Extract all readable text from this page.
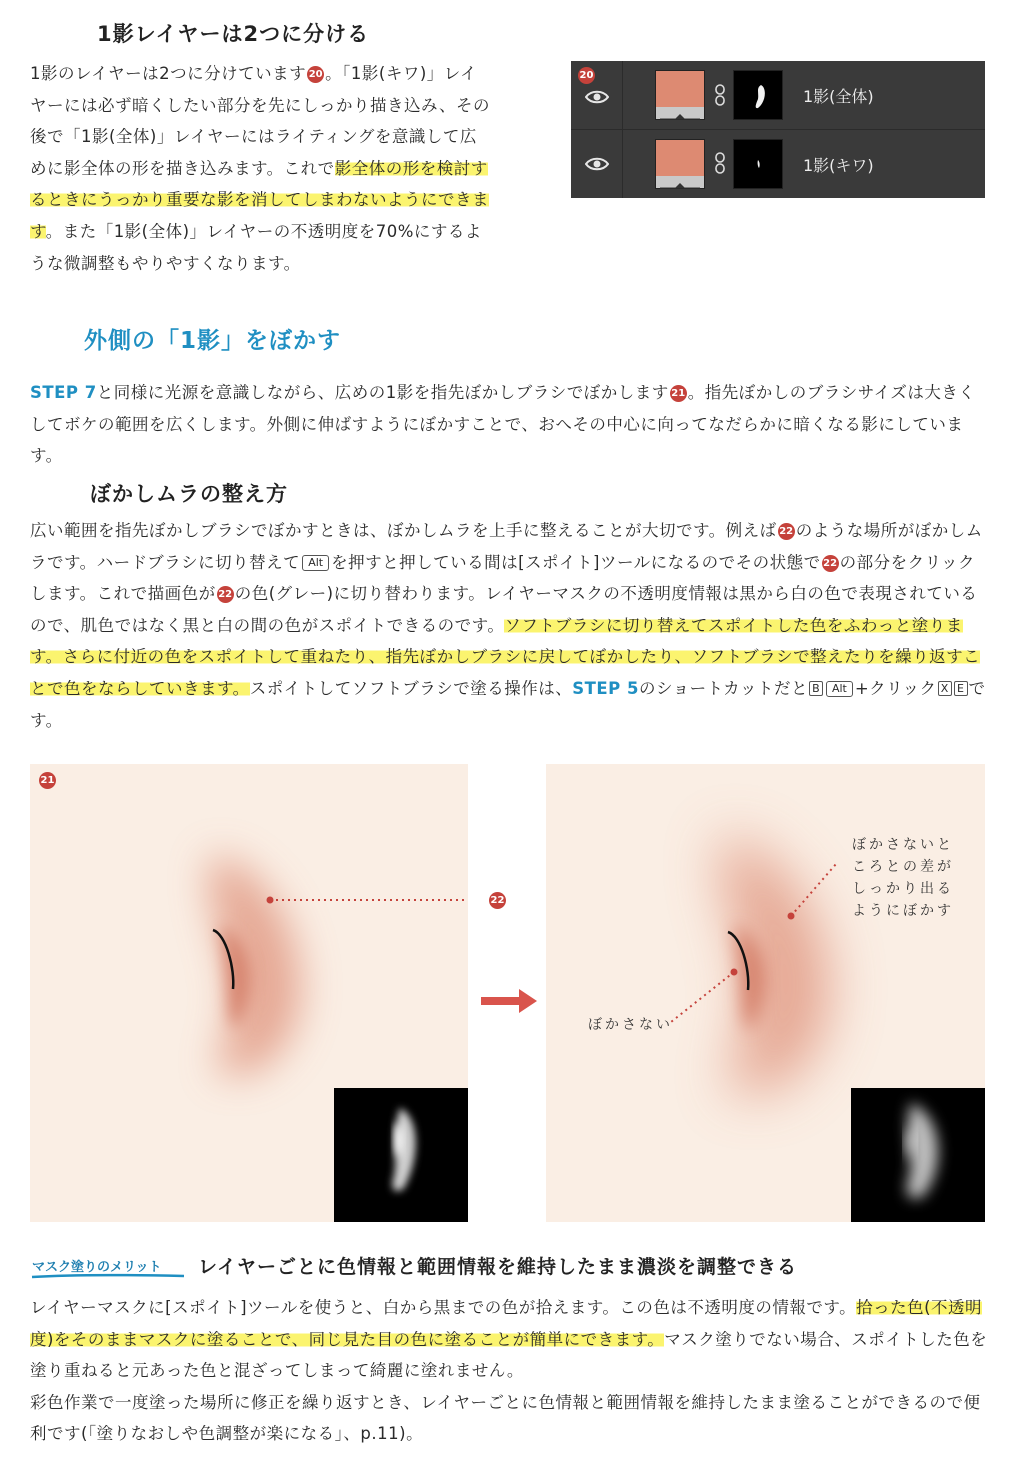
1影レイヤーは2つに分ける
1影のレイヤーは2つに分けています 20 。「1影(キワ)」レイヤーには必ず暗くしたい部分を先にしっかり描き込み、その後で「1影(全体)」レイヤーにはライティングを意識して広めに影全体の形を描き込みます。これで影全体の形を検討するときにうっかり重要な影を消してしまわないようにできます。また「1影(全体)」レイヤーの不透明度を70%にするような微調整もやりやすくなります。
20
1影(全体)
1影(キワ)
外側の「1影」をぼかす
STEP 7と同様に光源を意識しながら、広めの1影を指先ぼかしブラシでぼかします 21 。指先ぼかしのブラシサイズは大きくしてボケの範囲を広くします。外側に伸ばすようにぼかすことで、おへその中心に向ってなだらかに暗くなる影にしています。
ぼかしムラの整え方
広い範囲を指先ぼかしブラシでぼかすときは、ぼかしムラを上手に整えることが大切です。例えば 22 のような場所がぼかしムラです。ハードブラシに切り替えて Alt を押すと押している間は[スポイト]ツールになるのでその状態で 22 の部分をクリックします。これで描画色が 22 の色(グレー)に切り替わります。レイヤーマスクの不透明度情報は黒から白の色で表現されているので、肌色ではなく黒と白の間の色がスポイトできるのです。ソフトブラシに切り替えてスポイトした色をふわっと塗ります。さらに付近の色をスポイトして重ねたり、指先ぼかしブラシに戻してぼかしたり、ソフトブラシで整えたりを繰り返すことで色をならしていきます。スポイトしてソフトブラシで塗る操作は、STEP 5のショートカットだと B Alt +クリック X E です。
21
22
ぼかさないと
ころとの差が
しっかり出る
ようにぼかす
ぼかさない
マスク塗りのメリット レイヤーごとに色情報と範囲情報を維持したまま濃淡を調整できる
レイヤーマスクに[スポイト]ツールを使うと、白から黒までの色が拾えます。この色は不透明度の情報です。拾った色(不透明度)をそのままマスクに塗ることで、同じ見た目の色に塗ることが簡単にできます。マスク塗りでない場合、スポイトした色を塗り重ねると元あった色と混ざってしまって綺麗に塗れません。
彩色作業で一度塗った場所に修正を繰り返すとき、レイヤーごとに色情報と範囲情報を維持したまま塗ることができるので便利です(「塗りなおしや色調整が楽になる」、p.11)。
